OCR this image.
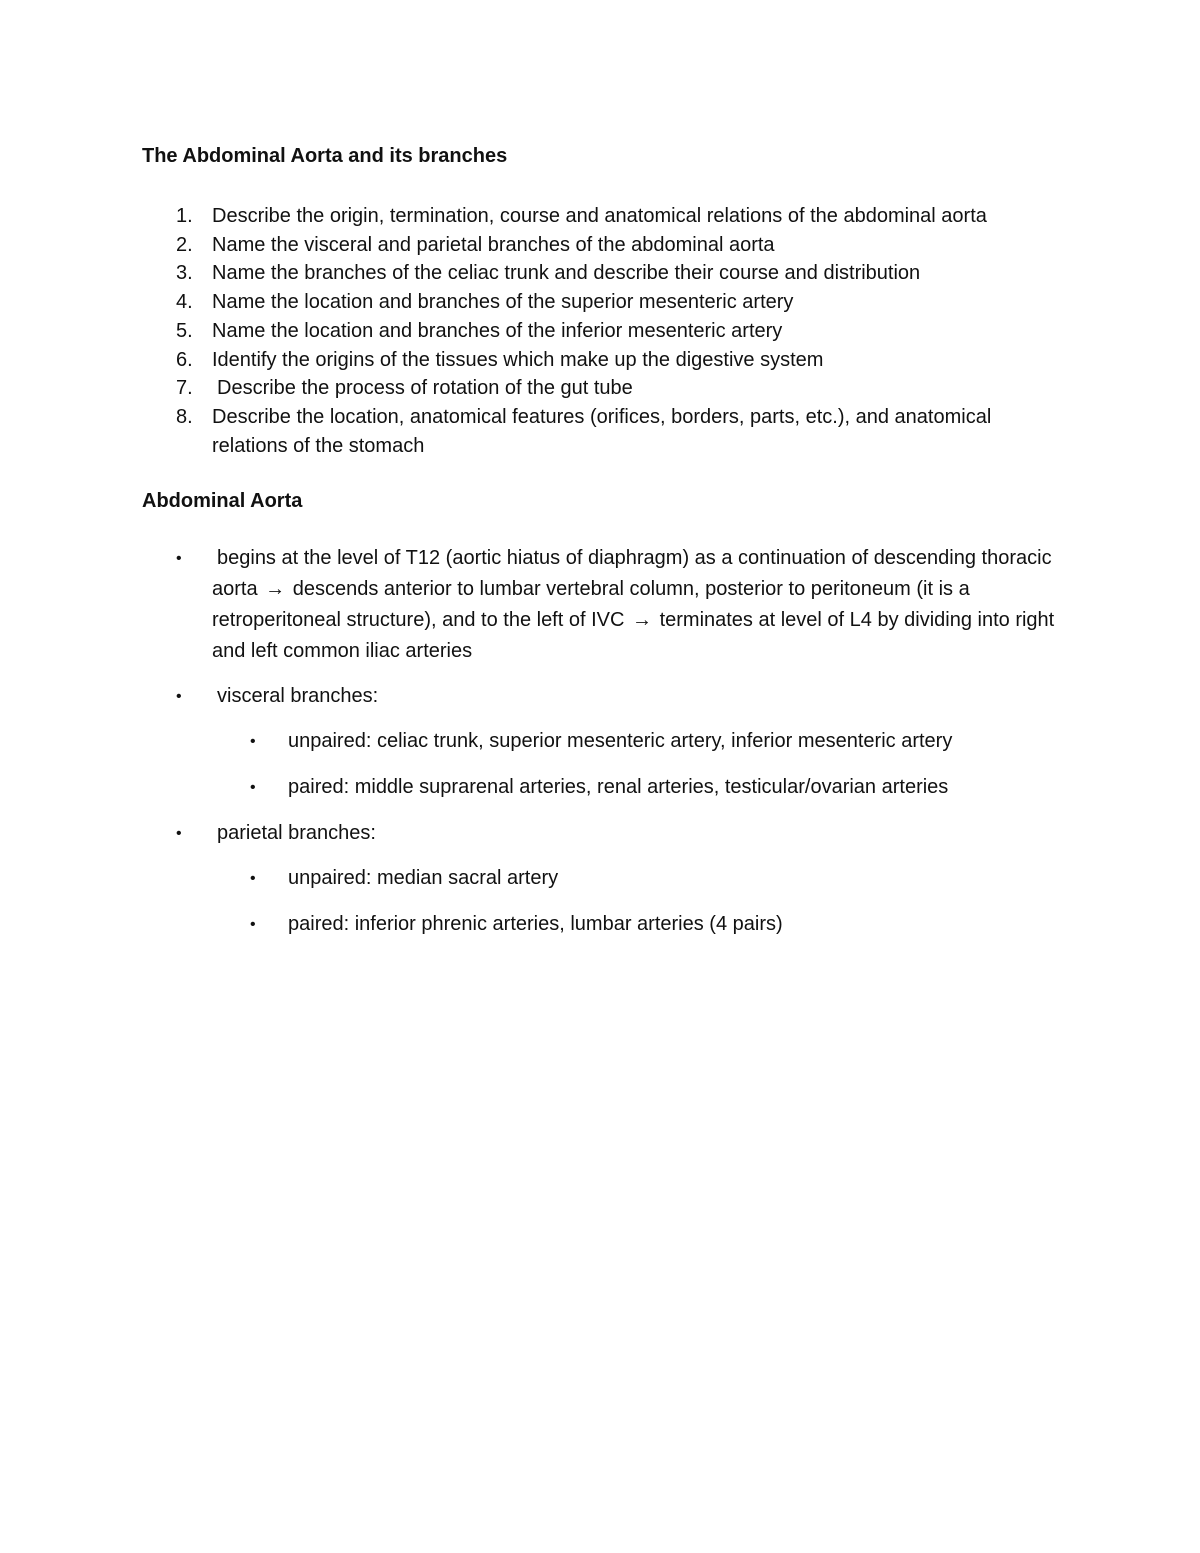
The Abdominal Aorta and its branches
1. Describe the origin, termination, course and anatomical relations of the abdominal aorta
2. Name the visceral and parietal branches of the abdominal aorta
3. Name the branches of the celiac trunk and describe their course and distribution
4. Name the location and branches of the superior mesenteric artery
5. Name the location and branches of the inferior mesenteric artery
6. Identify the origins of the tissues which make up the digestive system
7. Describe the process of rotation of the gut tube
8. Describe the location, anatomical features (orifices, borders, parts, etc.), and anatomical relations of the stomach
Abdominal Aorta
• begins at the level of T12 (aortic hiatus of diaphragm) as a continuation of descending thoracic aorta → descends anterior to lumbar vertebral column, posterior to peritoneum (it is a retroperitoneal structure), and to the left of IVC → terminates at level of L4 by dividing into right and left common iliac arteries
• visceral branches:
• unpaired: celiac trunk, superior mesenteric artery, inferior mesenteric artery
• paired: middle suprarenal arteries, renal arteries, testicular/ovarian arteries
• parietal branches:
• unpaired: median sacral artery
• paired: inferior phrenic arteries, lumbar arteries (4 pairs)
